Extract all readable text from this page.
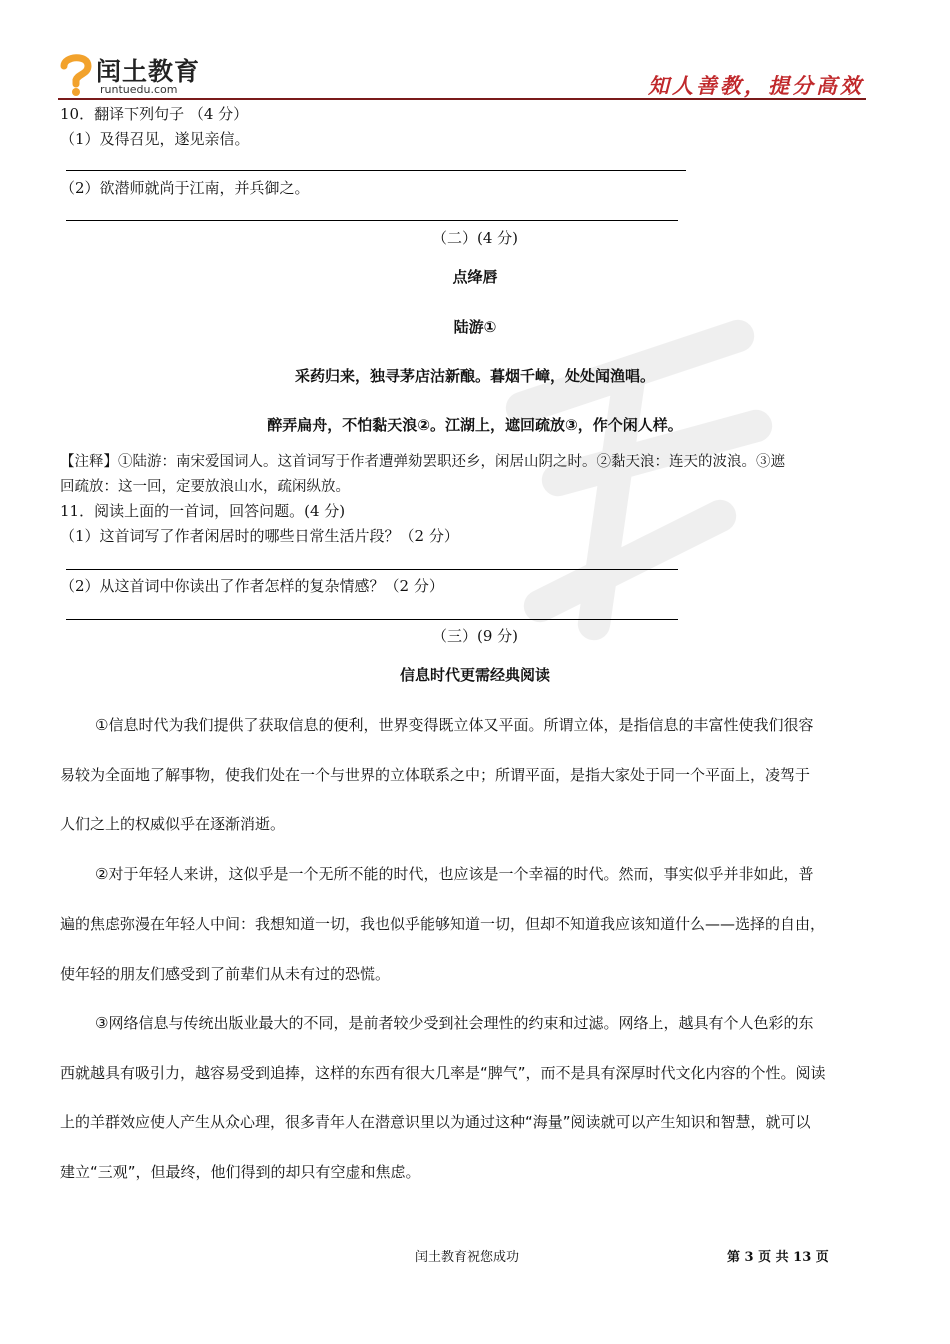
闰土教育
runtuedu.com	知人善教，提分高效
10．翻译下列句子 （4 分）
（1）及得召见，遂见亲信。
（2）欲潜师就尚于江南，并兵御之。
（二）(4 分)
点绛唇
陆游①
采药归来，独寻茅店沽新酿。暮烟千嶂，处处闻渔唱。
醉弄扁舟，不怕黏天浪②。江湖上，遮回疏放③，作个闲人样。
【注释】①陆游：南宋爱国词人。这首词写于作者遭弹劾罢职还乡，闲居山阴之时。②黏天浪：连天的波浪。③遮
回疏放：这一回，定要放浪山水，疏闲纵放。
11．阅读上面的一首词，回答问题。(4 分)
（1）这首词写了作者闲居时的哪些日常生活片段？（2 分）
（2）从这首词中你读出了作者怎样的复杂情感？（2 分）
（三）(9 分)
信息时代更需经典阅读
①信息时代为我们提供了获取信息的便利，世界变得既立体又平面。所谓立体，是指信息的丰富性使我们很容
易较为全面地了解事物，使我们处在一个与世界的立体联系之中；所谓平面，是指大家处于同一个平面上，凌驾于
人们之上的权威似乎在逐渐消逝。
②对于年轻人来讲，这似乎是一个无所不能的时代，也应该是一个幸福的时代。然而，事实似乎并非如此，普
遍的焦虑弥漫在年轻人中间：我想知道一切，我也似乎能够知道一切，但却不知道我应该知道什么——选择的自由，
使年轻的朋友们感受到了前辈们从未有过的恐慌。
③网络信息与传统出版业最大的不同，是前者较少受到社会理性的约束和过滤。网络上，越具有个人色彩的东
西就越具有吸引力，越容易受到追捧，这样的东西有很大几率是“脾气”，而不是具有深厚时代文化内容的个性。阅读
上的羊群效应使人产生从众心理，很多青年人在潜意识里以为通过这种“海量”阅读就可以产生知识和智慧，就可以
建立“三观”，但最终，他们得到的却只有空虚和焦虑。
闰土教育祝您成功	第 3 页 共 13 页
